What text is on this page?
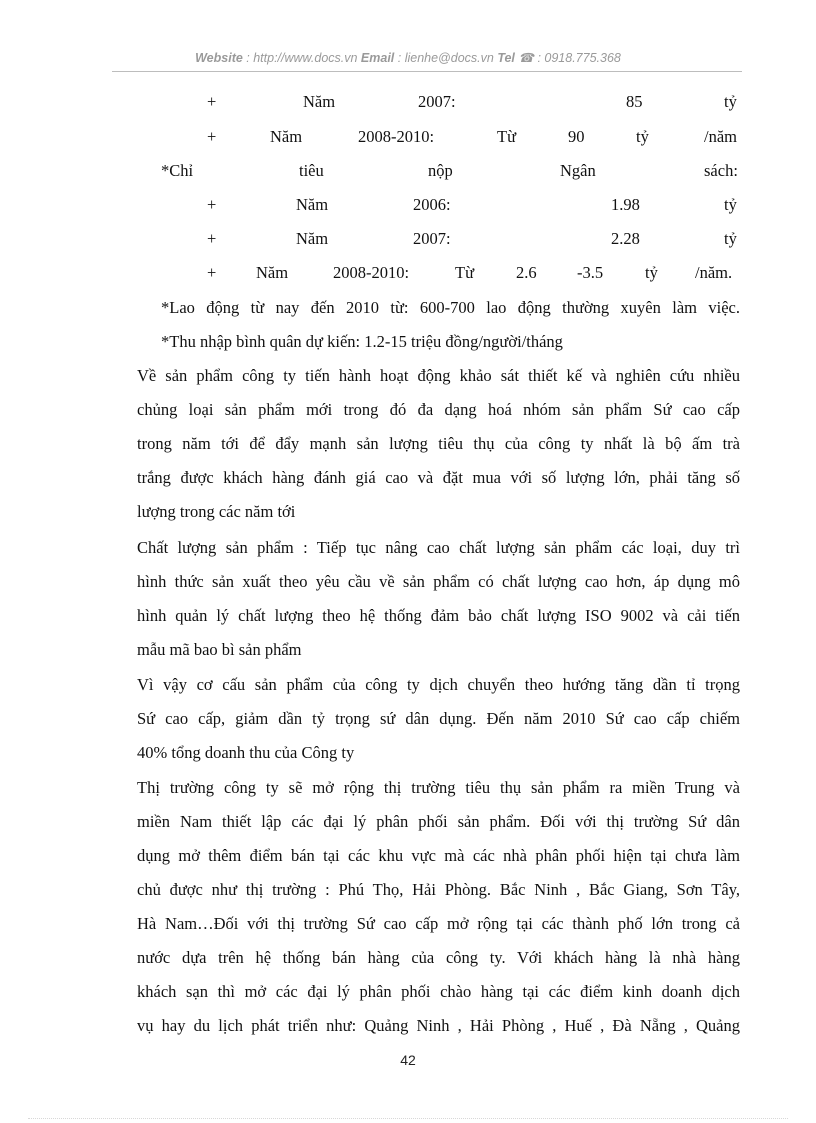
Website : http://www.docs.vn Email : lienhe@docs.vn Tel ☎ : 0918.775.368
+	Năm	2007:	85	tỷ
+	Năm	2008-2010:	Từ	90	tỷ	/năm
*Chỉ	tiêu	nộp	Ngân	sách:
+	Năm	2006:	1.98	tỷ
+	Năm	2007:	2.28	tỷ
+ Năm	2008-2010:	Từ	2.6 -3.5	tỷ /năm.
*Lao động từ nay đến 2010 từ: 600-700 lao động thường xuyên làm việc.
*Thu nhập bình quân dự kiến: 1.2-15 triệu đồng/người/tháng
Về sản phẩm công ty tiến hành hoạt động khảo sát thiết kế và nghiên cứu nhiều
chủng loại sản phẩm mới trong đó đa dạng hoá nhóm sản phẩm Sứ cao cấp
trong năm tới để đẩy mạnh sản lượng tiêu thụ của công ty nhất là bộ ấm trà
trắng được khách hàng đánh giá cao và đặt mua với số lượng lớn, phải tăng số
lượng trong các năm tới
Chất lượng sản phẩm : Tiếp tục nâng cao chất lượng sản phẩm các loại, duy trì
hình thức sản xuất theo yêu cầu về sản phẩm có chất lượng cao hơn, áp dụng mô
hình quản lý chất lượng theo hệ thống đảm bảo chất lượng ISO 9002 và cải tiến
mẫu mã bao bì sản phẩm
Vì vậy cơ cấu sản phẩm của công ty dịch chuyển theo hướng tăng dần tỉ trọng
Sứ cao cấp, giảm dần tỷ trọng sứ dân dụng. Đến năm 2010 Sứ cao cấp chiếm
40% tổng doanh thu của Công ty
Thị trường công ty sẽ mở rộng thị trường tiêu thụ sản phẩm ra miền Trung và
miền Nam thiết lập các đại lý phân phối sản phẩm. Đối với thị trường Sứ dân
dụng mở thêm điểm bán tại các khu vực mà các nhà phân phối hiện tại chưa làm
chủ được như thị trường : Phú Thọ, Hải Phòng. Bắc Ninh , Bắc Giang, Sơn Tây,
Hà Nam…Đối với thị trường Sứ cao cấp mở rộng tại các thành phố lớn trong cả
nước dựa trên hệ thống bán hàng của công ty. Với khách hàng là nhà hàng
khách sạn thì mở các đại lý phân phối chào hàng tại các điểm kinh doanh dịch
vụ hay du lịch phát triển như: Quảng Ninh , Hải Phòng , Huế , Đà Nẵng , Quảng
42
